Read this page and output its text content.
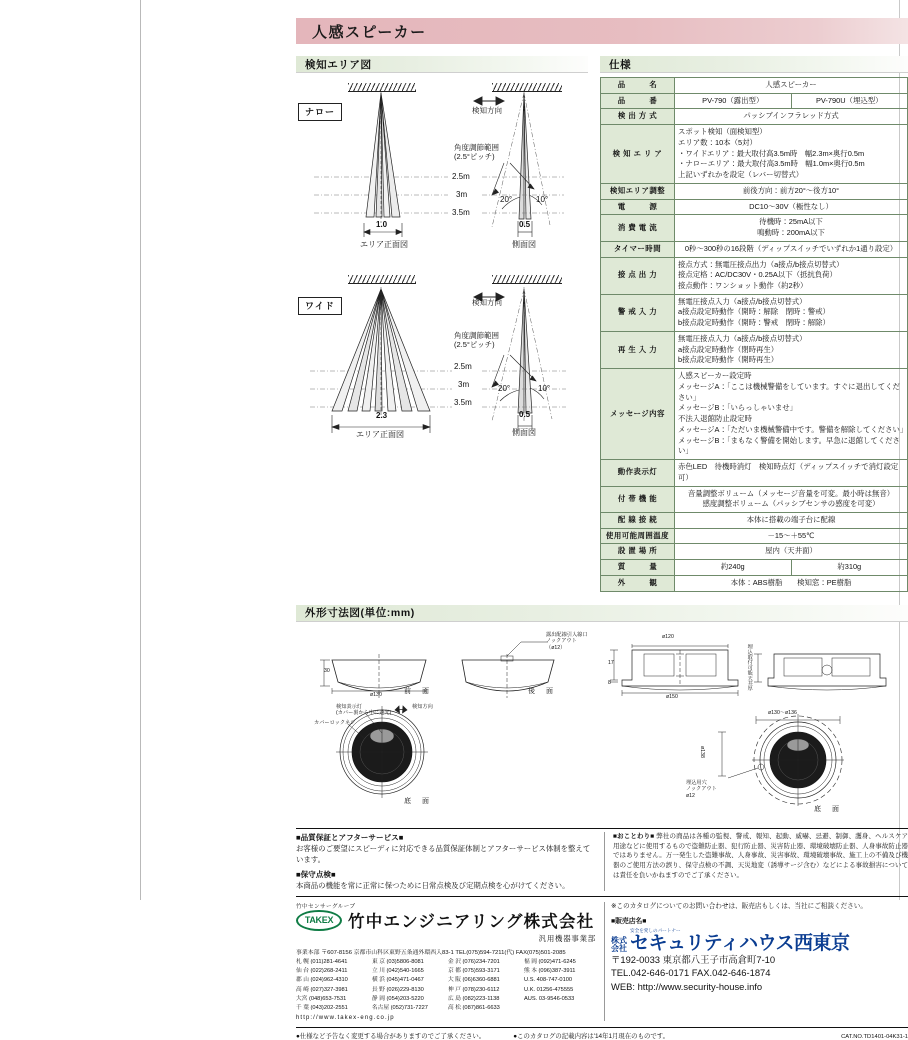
人感スピーカー
検知エリア図
ナロー	検知方向
角度調節範囲
(2.5°ピッチ)
20°	10°
2.5m
3m
3.5m
1.0	0.5
エリア正面図	側面図
ワイド	検知方向
角度調節範囲
(2.5°ピッチ)
20°	10°
2.5m
3m
3.5m
2.3	0.5
エリア正面図	側面図
仕様
品　　　名	人感スピーカー	
品　　　番	PV-790（露出型）	PV-790U（埋込型）
検 出 方 式	パッシブインフラレッド方式	
検 知 エ リ ア	スポット検知（面検知型）
エリア数：10本（5対）
・ワイドエリア：最大取付高3.5m時　幅2.3m×奥行0.5m
・ナローエリア：最大取付高3.5m時　幅1.0m×奥行0.5m
上記いずれかを設定（レバー切替式）	

検知エリア調整	前後方向：前方20°～後方10°	
電　　　源	DC10～30V（極性なし）	
消 費 電 流	待機時：25mA以下
鳴動時：200mA以下	

タイマー時間	0秒～300秒の16段階（ディップスイッチでいずれか1通り設定）	
接 点 出 力	接点方式：無電圧接点出力（a接点/b接点切替式）
接点定格：AC/DC30V・0.25A以下（抵抗負荷）
接点動作：ワンショット動作（約2秒）	

警 戒 入 力	無電圧接点入力（a接点/b接点切替式）
a接点設定時動作（開時：解除　閉時：警戒）
b接点設定時動作（開時：警戒　閉時：解除）	

再 生 入 力	無電圧接点入力（a接点/b接点切替式）
a接点設定時動作（閉時再生）
b接点設定時動作（開時再生）	

メッセージ内容	
人感スピーカー設定時
メッセージA：「ここは機械警備をしています。すぐに退出してください」
メッセージB：「いらっしゃいませ」
不法入退館防止設定時
メッセージA：「ただいま機械警備中です。警備を解除してください」
メッセージB：「まもなく警備を開始します。早急に退館してください」

動作表示灯	赤色LED　待機時消灯　検知時点灯（ディップスイッチで消灯設定可）	
付 帯 機 能	音量調整ボリューム（メッセージ音量を可変。最小時は無音）
感度調整ボリューム（パッシブセンサの感度を可変）	

配 線 接 続	本体に搭載の端子台に配線	
使用可能周囲温度	－15～＋55℃	
設 置 場 所	屋内（天井面）	
質　　　量	約240g	約310g
外　　　観	本体：ABS樹脂　　検知窓：PE樹脂	
外形寸法図(単位:mm)
30
ø130	前　面	後　面
露出配線引入線口
ノックアウト
（ø12）
検知表示灯
(カバー裏から中に透光)
検知方向
カバーロックネジ
底　面
ø120
17
8
ø150
埋込取付可能天井厚
ø130～ø136
ø138
埋込用穴
ノックアウト
ø12
底　面
■品質保証とアフターサービス■
お客様のご要望にスピーディに対応できる品質保証体制とアフターサービス体制を整えています。
■保守点検■
本商品の機能を常に正常に保つために日常点検及び定期点検を心がけてください。
■おことわり■ 弊社の商品は各種の監視、警戒、報知、起動、威嚇、忌避、制御、護身、ヘルスケア用途などに使用するもので盗難防止器、犯行防止器、災害防止器、環境破壊防止器、人身事故防止器ではありません。万一発生した盗難事故、人身事故、災害事故、環境破壊事故、施工上の不備及び機器のご使用方法の誤り、保守点検の不調、天災地変（誘導サージ含む）などによる事故損害については責任を負いかねますのでご了承ください。
竹中センサーグループ
TAKEX 竹中エンジニアリング株式会社
汎用機器事業部
事業本部 〒607-8156 京都市山科区東野五条通外環西入83-1 TEL(075)594-7211(代) FAX(075)501-2085
札 幌 (011)281-4641	東 京 (03)5806-8081	金 沢 (076)234-7201	福 岡 (092)471-6245
仙 台 (022)268-2411	立 川 (042)540-1665	京 都 (075)593-3171	熊 本 (096)387-3911
郡 山 (024)962-4310	横 浜 (045)471-0467	大 阪 (06)6360-6881	U.S. 408-747-0100
高 崎 (027)327-3981	長 野 (026)229-8130	神 戸 (078)230-6112	U.K. 01256-475555
大宮 (048)653-7531	静 岡 (054)203-5220	広 島 (082)223-1138	AUS. 03-9546-0533
千 葉 (043)202-2551	名古屋 (052)731-7227	高 松 (087)861-6633
http://www.takex-eng.co.jp
※このカタログについてのお問い合わせは、販売店もしくは、当社にご相談ください。
■販売店名■
株式
会社
安全を愛しのパートナー
セキュリティハウス西東京
〒192-0033 東京都八王子市高倉町7-10
TEL.042-646-0171 FAX.042-646-1874
WEB: http://www.security-house.info
●仕様など予告なく変更する場合がありますのでご了承ください。	●このカタログの記載内容は'14年1月現在のものです。	CAT.NO.TD1401-04K31-1
